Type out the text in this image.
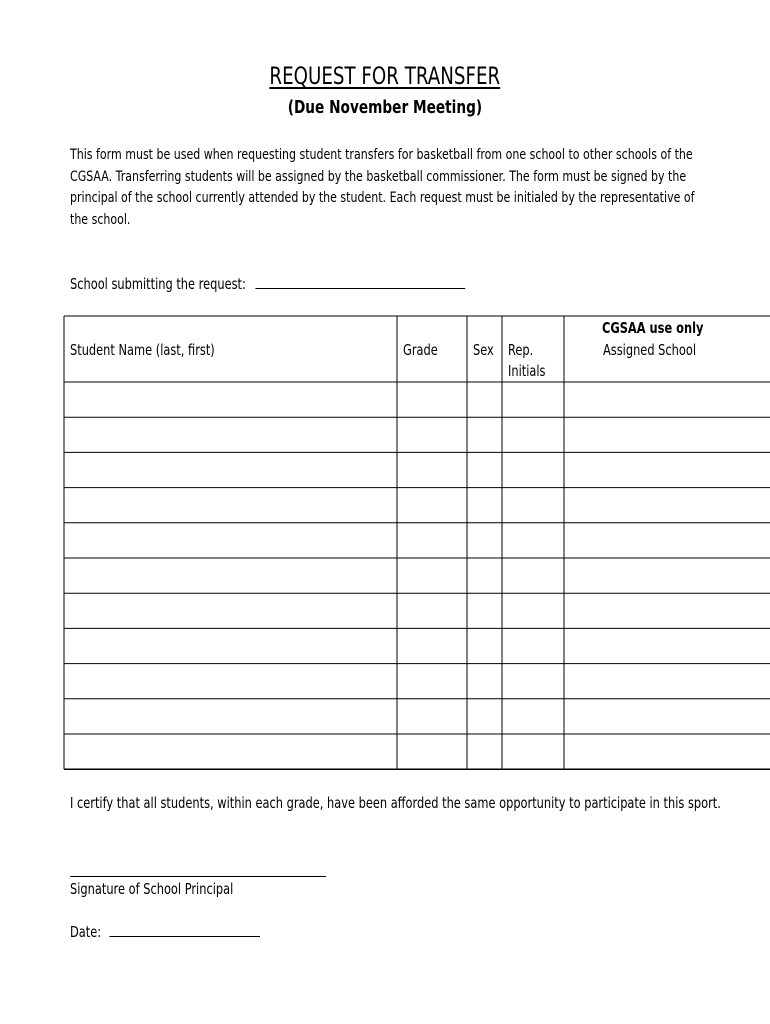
REQUEST FOR TRANSFER
(Due November Meeting)
This form must be used when requesting student transfers for basketball from one school to other schools of the
CGSAA. Transferring students will be assigned by the basketball commissioner. The form must be signed by the
principal of the school currently attended by the student. Each request must be initialed by the representative of
the school.
School submitting the request:
CGSAA use only
Student Name (last, first)	Grade	Sex Rep.
Initials
Assigned School
I certify that all students, within each grade, have been afforded the same opportunity to participate in this sport.
Signature of School Principal
Date:
